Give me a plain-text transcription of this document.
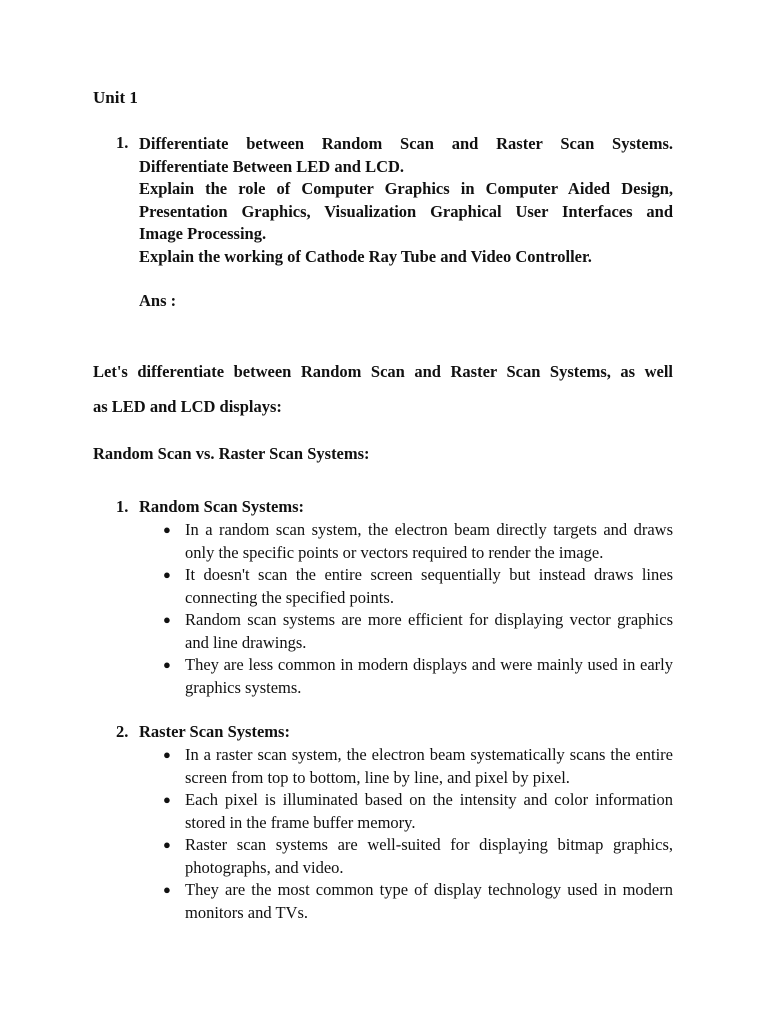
Unit 1

1. Differentiate between Random Scan and Raster Scan Systems.
Differentiate Between LED and LCD.
Explain the role of Computer Graphics in Computer Aided Design,
Presentation Graphics, Visualization Graphical User Interfaces and
Image Processing.
Explain the working of Cathode Ray Tube and Video Controller.

Ans :

Let's differentiate between Random Scan and Raster Scan Systems, as well
as LED and LCD displays:

Random Scan vs. Raster Scan Systems:

1. Random Scan Systems:
● In a random scan system, the electron beam directly targets and draws only the specific points or vectors required to render the image.
● It doesn't scan the entire screen sequentially but instead draws lines connecting the specified points.
● Random scan systems are more efficient for displaying vector graphics and line drawings.
● They are less common in modern displays and were mainly used in early graphics systems.
2. Raster Scan Systems:
● In a raster scan system, the electron beam systematically scans the entire screen from top to bottom, line by line, and pixel by pixel.
● Each pixel is illuminated based on the intensity and color information stored in the frame buffer memory.
● Raster scan systems are well-suited for displaying bitmap graphics, photographs, and video.
● They are the most common type of display technology used in modern monitors and TVs.
